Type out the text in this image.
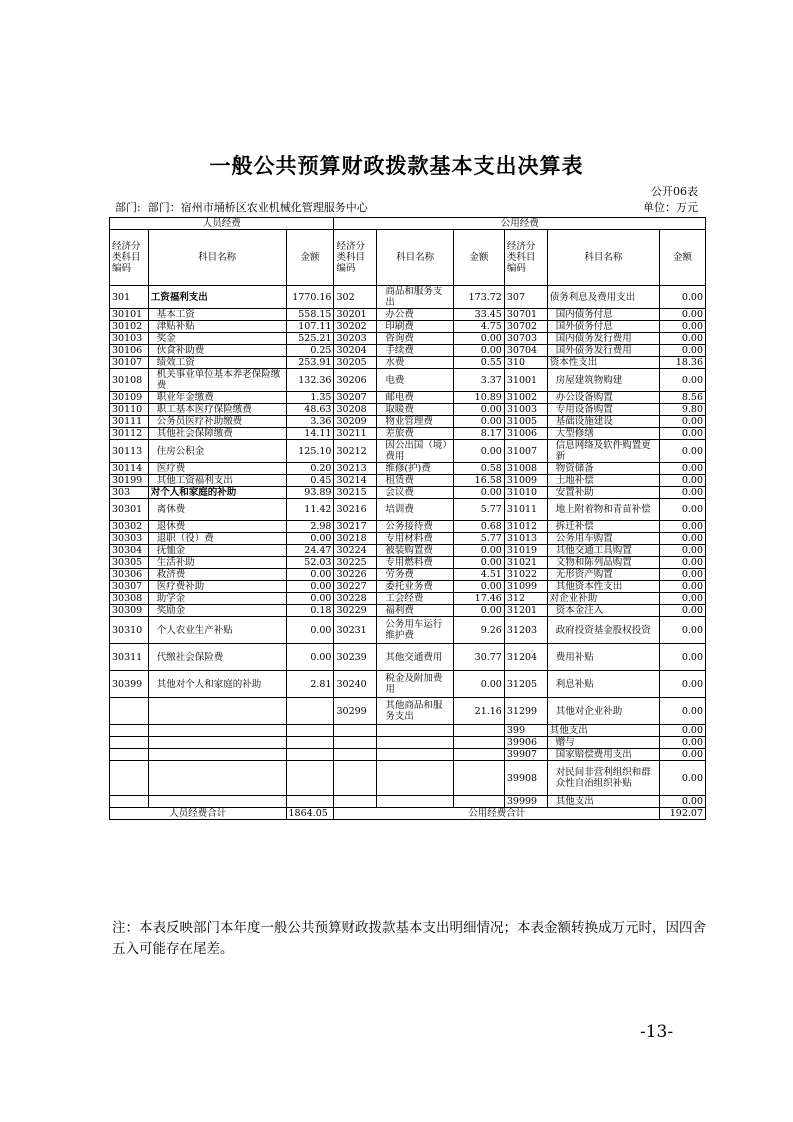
一般公共预算财政拨款基本支出决算表
公开06表
部门: 部门：宿州市埇桥区农业机械化管理服务中心	单位：万元
人员经费			公用经费					
经济分类科目编码	科目名称	金额	经济分类科目编码	科目名称	金额	经济分类科目编码	科目名称	金额
301	工资福利支出	1770.16	302	商品和服务支出	173.72	307	债务利息及费用支出	0.00
30101	基本工资	558.15	30201	办公费	33.45	30701	国内债务付息	0.00
30102	津贴补贴	107.11	30202	印刷费	4.75	30702	国外债务付息	0.00
30103	奖金	525.21	30203	咨询费	0.00	30703	国内债务发行费用	0.00
30106	伙食补助费	0.25	30204	手续费	0.00	30704	国外债务发行费用	0.00
30107	绩效工资	253.91	30205	水费	0.55	310	资本性支出	18.36
30108	机关事业单位基本养老保险缴费	132.36	30206	电费	3.37	31001	房屋建筑物购建	0.00
30109	职业年金缴费	1.35	30207	邮电费	10.89	31002	办公设备购置	8.56
30110	职工基本医疗保险缴费	48.63	30208	取暖费	0.00	31003	专用设备购置	9.80
30111	公务员医疗补助缴费	3.36	30209	物业管理费	0.00	31005	基础设施建设	0.00
30112	其他社会保障缴费	14.11	30211	差旅费	8.17	31006	大型修缮	0.00
30113	住房公积金	125.10	30212	因公出国（境）费用	0.00	31007	信息网络及软件购置更新	0.00
30114	医疗费	0.20	30213	维修(护)费	0.58	31008	物资储备	0.00
30199	其他工资福利支出	0.45	30214	租赁费	16.58	31009	土地补偿	0.00
303	对个人和家庭的补助	93.89	30215	会议费	0.00	31010	安置补助	0.00
30301	离休费	11.42	30216	培训费	5.77	31011	地上附着物和青苗补偿	0.00
30302	退休费	2.98	30217	公务接待费	0.68	31012	拆迁补偿	0.00
30303	退职（役）费	0.00	30218	专用材料费	5.77	31013	公务用车购置	0.00
30304	抚恤金	24.47	30224	被装购置费	0.00	31019	其他交通工具购置	0.00
30305	生活补助	52.03	30225	专用燃料费	0.00	31021	文物和陈列品购置	0.00
30306	救济费	0.00	30226	劳务费	4.51	31022	无形资产购置	0.00
30307	医疗费补助	0.00	30227	委托业务费	0.00	31099	其他资本性支出	0.00
30308	助学金	0.00	30228	工会经费	17.46	312	对企业补助	0.00
30309	奖励金	0.18	30229	福利费	0.00	31201	资本金注入	0.00
30310	个人农业生产补贴	0.00	30231	公务用车运行维护费	9.26	31203	政府投资基金股权投资	0.00
30311	代缴社会保险费	0.00	30239	其他交通费用	30.77	31204	费用补贴	0.00
30399	其他对个人和家庭的补助	2.81	30240	税金及附加费用	0.00	31205	利息补贴	0.00
			30299	其他商品和服务支出	21.16	31299	其他对企业补助	0.00
						399	其他支出	0.00
						39906	赠与	0.00
						39907	国家赔偿费用支出	0.00
						39908	对民间非营利组织和群众性自治组织补贴	0.00
						39999	其他支出	0.00
人员经费合计		1864.05	公用经费合计					192.07
注：本表反映部门本年度一般公共预算财政拨款基本支出明细情况；本表金额转换成万元时，因四舍五入可能存在尾差。
-13-
